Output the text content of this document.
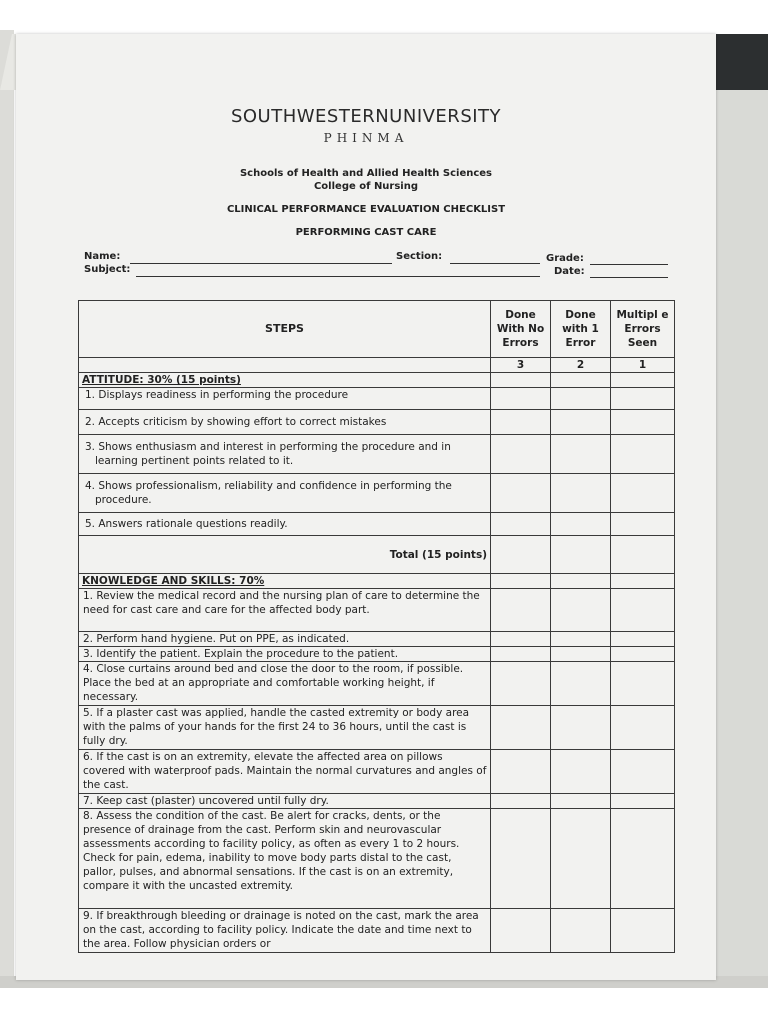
SOUTHWESTERNUNIVERSITY
PHINMA
Schools of Health and Allied Health Sciences
College of Nursing
CLINICAL PERFORMANCE EVALUATION CHECKLIST
PERFORMING CAST CARE
Name:	Section:	Grade:
Subject:	Date:
STEPS	Done With No Errors	Done with 1 Error	Multipl e Errors Seen
	3	2	1
ATTITUDE: 30% (15 points)			
1. Displays readiness in performing the procedure			
2. Accepts criticism by showing effort to correct mistakes			
3. Shows enthusiasm and interest in performing the procedure and in learning pertinent points related to it.			
4. Shows professionalism, reliability and confidence in performing the procedure.			
5. Answers rationale questions readily.			
Total (15 points)			
KNOWLEDGE AND SKILLS: 70%			
1. Review the medical record and the nursing plan of care to determine the need for cast care and care for the affected body part.			
2. Perform hand hygiene. Put on PPE, as indicated.			
3. Identify the patient. Explain the procedure to the patient.			
4. Close curtains around bed and close the door to the room, if possible. Place the bed at an appropriate and comfortable working height, if necessary.			
5. If a plaster cast was applied, handle the casted extremity or body area with the palms of your hands for the first 24 to 36 hours, until the cast is fully dry.			
6. If the cast is on an extremity, elevate the affected area on pillows covered with waterproof pads. Maintain the normal curvatures and angles of the cast.			
7. Keep cast (plaster) uncovered until fully dry.			
8. Assess the condition of the cast. Be alert for cracks, dents, or the presence of drainage from the cast. Perform skin and neurovascular assessments according to facility policy, as often as every 1 to 2 hours. Check for pain, edema, inability to move body parts distal to the cast, pallor, pulses, and abnormal sensations. If the cast is on an extremity, compare it with the uncasted extremity.			
9. If breakthrough bleeding or drainage is noted on the cast, mark the area on the cast, according to facility policy. Indicate the date and time next to the area. Follow physician orders or			
